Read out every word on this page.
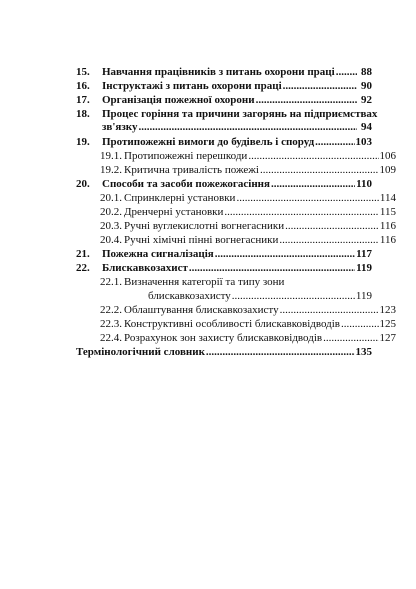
15.	Навчання працівників з питань охорони праці ..... 88
16.	Інструктажі з питань охорони праці .....	90
17.	Організація пожежної охорони .....	92
18.	Процес горіння та причини загорянь на підприємствах
зв'язку .....	94
19.	Протипожежні вимоги до будівель і споруд .....	103
19.1. Протипожежні перешкоди .....	106
19.2. Критична тривалість пожежі .....	109
20.	Способи та засоби пожежогасіння .....	110
20.1. Спринклерні установки .....	114
20.2. Дренчерні установки .....	115
20.3. Ручні вуглекислотні вогнегасники .....	116
20.4. Ручні хімічні пінні вогнегасники .....	116
21.	Пожежна сигналізація .....	117
22.	Блискавкозахист .....	119
22.1. Визначення категорії та типу зони
блискавкозахисту .....	119
22.2. Облаштування блискавкозахисту .....	123
22.3. Конструктивні особливості блискавковідводів .....	125
22.4. Розрахунок зон захисту блискавковідводів .....	127
Термінологічний словник .....	135
